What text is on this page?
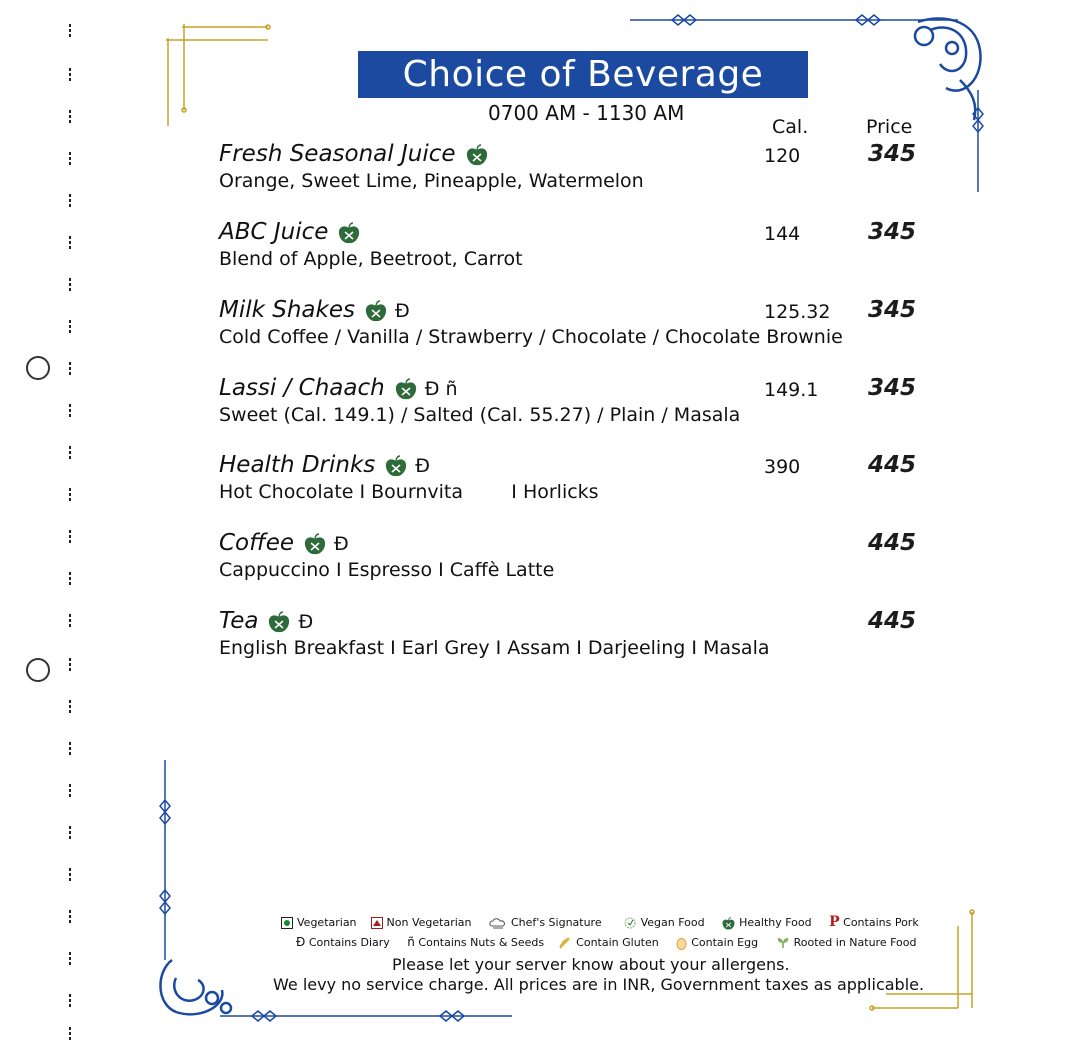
Choice of Beverage
0700 AM - 1130 AM
Cal.	Price
Fresh Seasonal Juice
Orange, Sweet Lime, Pineapple, Watermelon
120	345
ABC Juice
Blend of Apple, Beetroot, Carrot
144	345
Milk Shakes Đ
Cold Coffee / Vanilla / Strawberry / Chocolate / Chocolate Brownie
125.32 345
Lassi / Chaach Đ ñ
Sweet (Cal. 149.1) / Salted (Cal. 55.27) / Plain / Masala
149.1 345
Health Drinks Đ
Hot Chocolate I Bournvita        I Horlicks
390	445
Coffee Đ
Cappuccino I Espresso I Caffè Latte
445
Tea Đ
English Breakfast I Earl Grey I Assam I Darjeeling I Masala
445
Vegetarian	Non Vegetarian	Chef's Signature	Vegan Food	Healthy Food P Contains Pork
Đ Contains Diary ñ Contains Nuts & Seeds	Contain Gluten	Contain Egg	Rooted in Nature Food
Please let your server know about your allergens.
We levy no service charge. All prices are in INR, Government taxes as applicable.
